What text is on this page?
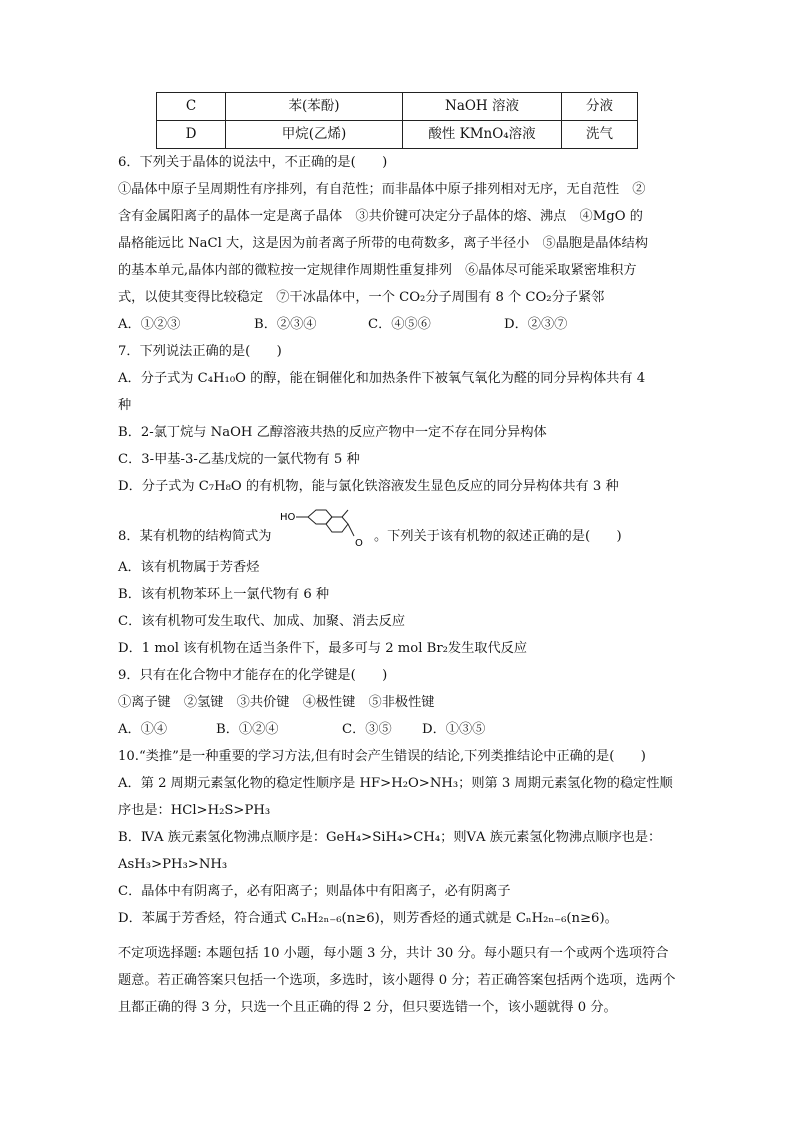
C	苯(苯酚)	NaOH 溶液	分液
D	甲烷(乙烯)	酸性 KMnO₄溶液	洗气
6．下列关于晶体的说法中，不正确的是(　　)
①晶体中原子呈周期性有序排列，有自范性；而非晶体中原子排列相对无序，无自范性　②
含有金属阳离子的晶体一定是离子晶体　③共价键可决定分子晶体的熔、沸点　④MgO 的
晶格能远比 NaCl 大，这是因为前者离子所带的电荷数多，离子半径小　⑤晶胞是晶体结构
的基本单元,晶体内部的微粒按一定规律作周期性重复排列　⑥晶体尽可能采取紧密堆积方
式，以使其变得比较稳定　⑦干冰晶体中，一个 CO₂分子周围有 8 个 CO₂分子紧邻
A．①②③	B．②③④	C．④⑤⑥	D．②③⑦
7．下列说法正确的是(　　)
A．分子式为 C₄H₁₀O 的醇，能在铜催化和加热条件下被氧气氧化为醛的同分异构体共有 4
种
B．2-氯丁烷与 NaOH 乙醇溶液共热的反应产物中一定不存在同分异构体
C．3-甲基-3-乙基戊烷的一氯代物有 5 种
D．分子式为 C₇H₈O 的有机物，能与氯化铁溶液发生显色反应的同分异构体共有 3 种
8．某有机物的结构简式为
HO
O 。下列关于该有机物的叙述正确的是(　　)
A．该有机物属于芳香烃
B．该有机物苯环上一氯代物有 6 种
C．该有机物可发生取代、加成、加聚、消去反应
D．1 mol 该有机物在适当条件下，最多可与 2 mol Br₂发生取代反应
9．只有在化合物中才能存在的化学键是(　　)
①离子键　②氢键　③共价键　④极性键　⑤非极性键
A．①④	B．①②④	C．③⑤ D．①③⑤
10.“类推”是一种重要的学习方法,但有时会产生错误的结论,下列类推结论中正确的是(　　)
A．第 2 周期元素氢化物的稳定性顺序是 HF>H₂O>NH₃；则第 3 周期元素氢化物的稳定性顺
序也是：HCl>H₂S>PH₃
B．ⅣA 族元素氢化物沸点顺序是：GeH₄>SiH₄>CH₄；则ⅤA 族元素氢化物沸点顺序也是：
AsH₃>PH₃>NH₃
C．晶体中有阴离子，必有阳离子；则晶体中有阳离子，必有阴离子
D．苯属于芳香烃，符合通式 CₙH₂ₙ₋₆(n≥6)，则芳香烃的通式就是 CₙH₂ₙ₋₆(n≥6)。
不定项选择题: 本题包括 10 小题，每小题 3 分，共计 30 分。每小题只有一个或两个选项符合题意。若正确答案只包括一个选项，多选时，该小题得 0 分；若正确答案包括两个选项，选两个且都正确的得 3 分，只选一个且正确的得 2 分，但只要选错一个，该小题就得 0 分。
